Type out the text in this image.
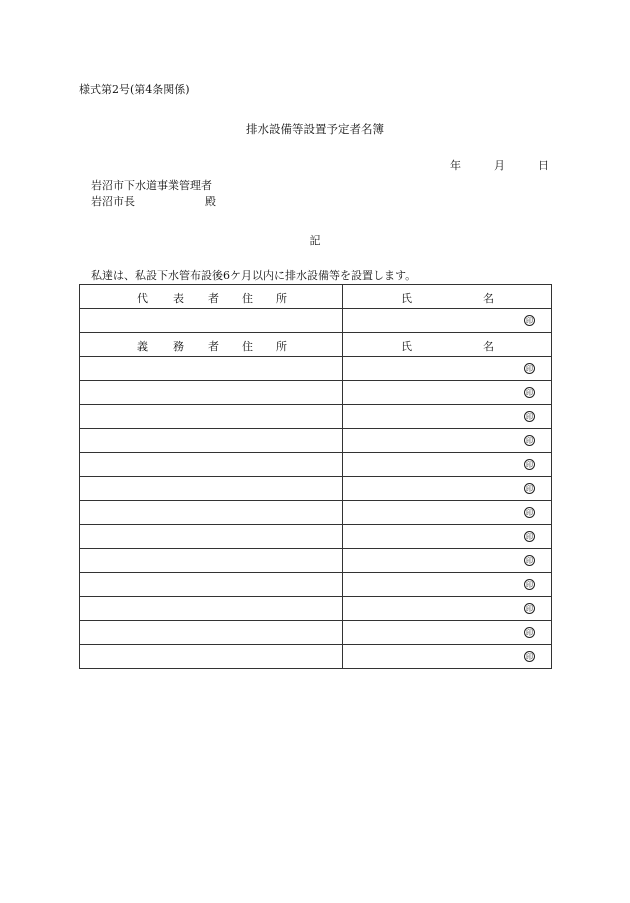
様式第2号(第4条関係)
排水設備等設置予定者名簿
年	月	日
岩沼市下水道事業管理者
岩沼市長	殿
記
私達は、私設下水管布設後6ケ月以内に排水設備等を設置します。
代 表 者 住 所	氏 名

	印

義 務 者 住 所	氏 名

	印

	印

	印

	印

	印

	印

	印

	印

	印

	印

	印

	印

	印
